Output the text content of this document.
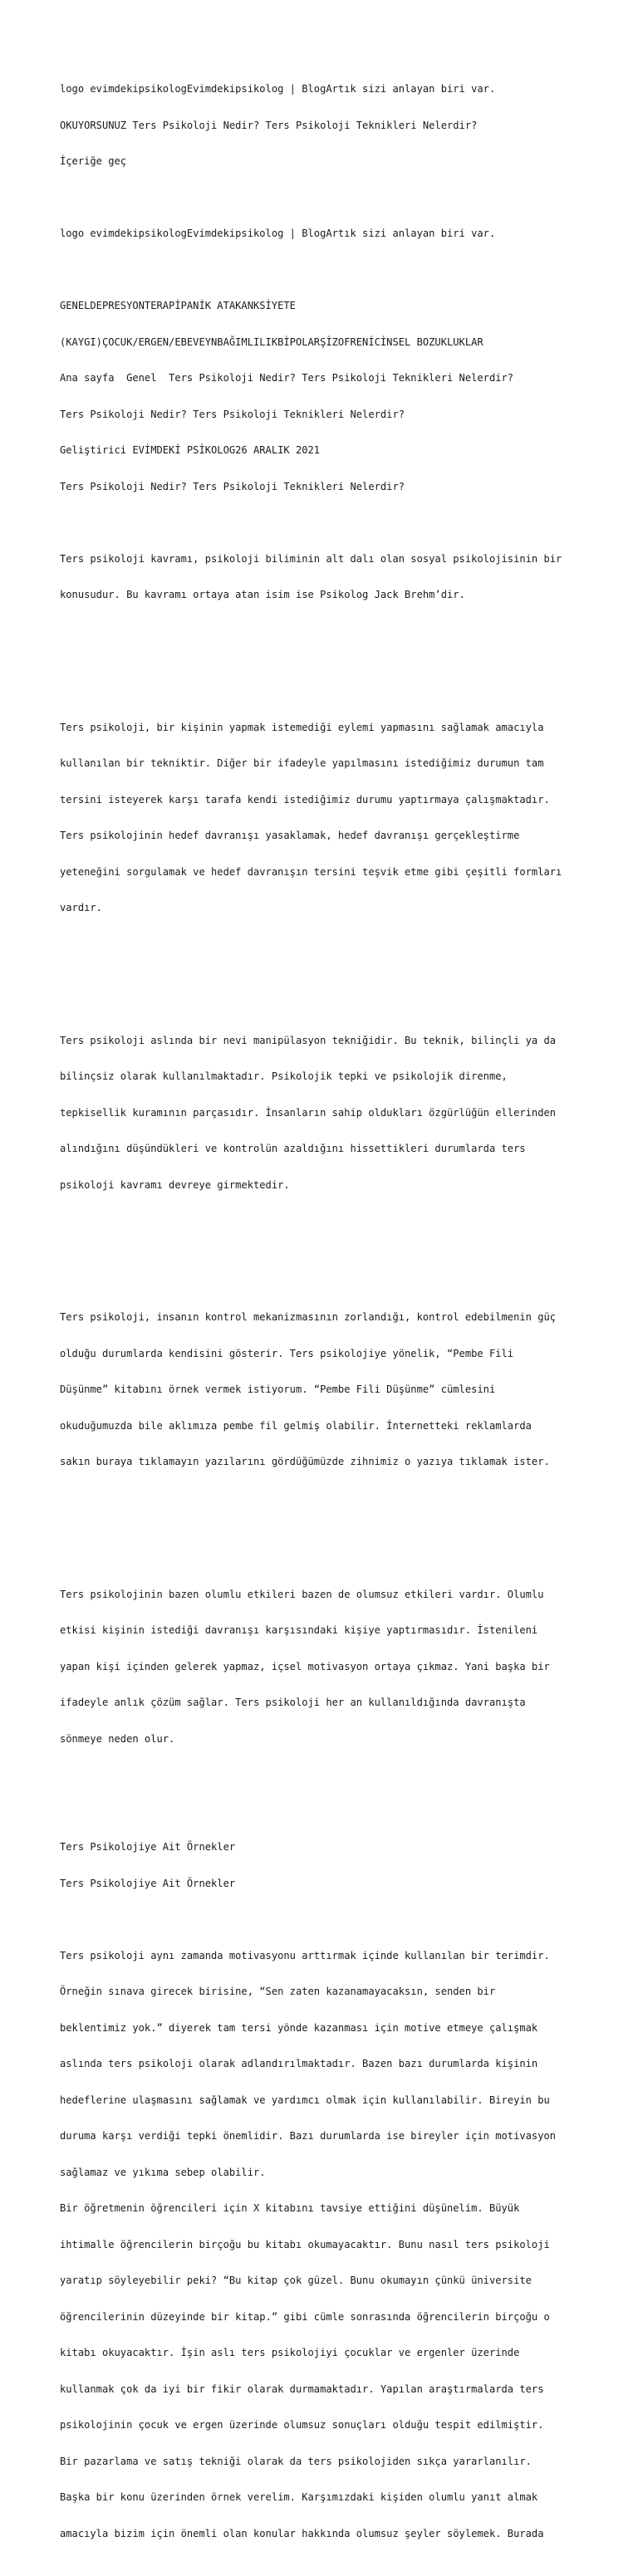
logo evimdekipsikologEvimdekipsikolog | BlogArtık sizi anlayan biri var.

OKUYORSUNUZ Ters Psikoloji Nedir? Ters Psikoloji Teknikleri Nelerdir?

İçeriğe geç

logo evimdekipsikologEvimdekipsikolog | BlogArtık sizi anlayan biri var.

GENELDEPRESYONTERAPİPANİK ATAKANKSİYETE

(KAYGI)ÇOCUK/ERGEN/EBEVEYNBAĞIMLILIKBİPOLARŞİZOFRENİCİNSEL BOZUKLUKLAR

Ana sayfa  Genel  Ters Psikoloji Nedir? Ters Psikoloji Teknikleri Nelerdir?

Ters Psikoloji Nedir? Ters Psikoloji Teknikleri Nelerdir?

Geliştirici EVİMDEKİ PSİKOLOG26 ARALIK 2021

Ters Psikoloji Nedir? Ters Psikoloji Teknikleri Nelerdir?

Ters psikoloji kavramı, psikoloji biliminin alt dalı olan sosyal psikolojisinin bir

konusudur. Bu kavramı ortaya atan isim ise Psikolog Jack Brehm’dir.

Ters psikoloji, bir kişinin yapmak istemediği eylemi yapmasını sağlamak amacıyla

kullanılan bir tekniktir. Diğer bir ifadeyle yapılmasını istediğimiz durumun tam

tersini isteyerek karşı tarafa kendi istediğimiz durumu yaptırmaya çalışmaktadır.

Ters psikolojinin hedef davranışı yasaklamak, hedef davranışı gerçekleştirme

yeteneğini sorgulamak ve hedef davranışın tersini teşvik etme gibi çeşitli formları

vardır.

Ters psikoloji aslında bir nevi manipülasyon tekniğidir. Bu teknik, bilinçli ya da

bilinçsiz olarak kullanılmaktadır. Psikolojik tepki ve psikolojik direnme,

tepkisellik kuramının parçasıdır. İnsanların sahip oldukları özgürlüğün ellerinden

alındığını düşündükleri ve kontrolün azaldığını hissettikleri durumlarda ters

psikoloji kavramı devreye girmektedir.

Ters psikoloji, insanın kontrol mekanizmasının zorlandığı, kontrol edebilmenin güç

olduğu durumlarda kendisini gösterir. Ters psikolojiye yönelik, “Pembe Fili

Düşünme” kitabını örnek vermek istiyorum. “Pembe Fili Düşünme” cümlesini

okuduğumuzda bile aklımıza pembe fil gelmiş olabilir. İnternetteki reklamlarda

sakın buraya tıklamayın yazılarını gördüğümüzde zihnimiz o yazıya tıklamak ister.

Ters psikolojinin bazen olumlu etkileri bazen de olumsuz etkileri vardır. Olumlu

etkisi kişinin istediği davranışı karşısındaki kişiye yaptırmasıdır. İstenileni

yapan kişi içinden gelerek yapmaz, içsel motivasyon ortaya çıkmaz. Yani başka bir

ifadeyle anlık çözüm sağlar. Ters psikoloji her an kullanıldığında davranışta

sönmeye neden olur.

Ters Psikolojiye Ait Örnekler

Ters Psikolojiye Ait Örnekler

Ters psikoloji aynı zamanda motivasyonu arttırmak içinde kullanılan bir terimdir.

Örneğin sınava girecek birisine, “Sen zaten kazanamayacaksın, senden bir

beklentimiz yok.” diyerek tam tersi yönde kazanması için motive etmeye çalışmak

aslında ters psikoloji olarak adlandırılmaktadır. Bazen bazı durumlarda kişinin

hedeflerine ulaşmasını sağlamak ve yardımcı olmak için kullanılabilir. Bireyin bu

duruma karşı verdiği tepki önemlidir. Bazı durumlarda ise bireyler için motivasyon

sağlamaz ve yıkıma sebep olabilir.

Bir öğretmenin öğrencileri için X kitabını tavsiye ettiğini düşünelim. Büyük

ihtimalle öğrencilerin birçoğu bu kitabı okumayacaktır. Bunu nasıl ters psikoloji

yaratıp söyleyebilir peki? “Bu kitap çok güzel. Bunu okumayın çünkü üniversite

öğrencilerinin düzeyinde bir kitap.” gibi cümle sonrasında öğrencilerin birçoğu o

kitabı okuyacaktır. İşin aslı ters psikolojiyi çocuklar ve ergenler üzerinde

kullanmak çok da iyi bir fikir olarak durmamaktadır. Yapılan araştırmalarda ters

psikolojinin çocuk ve ergen üzerinde olumsuz sonuçları olduğu tespit edilmiştir.

Bir pazarlama ve satış tekniği olarak da ters psikolojiden sıkça yararlanılır.

Başka bir konu üzerinden örnek verelim. Karşımızdaki kişiden olumlu yanıt almak

amacıyla bizim için önemli olan konular hakkında olumsuz şeyler söylemek. Burada
